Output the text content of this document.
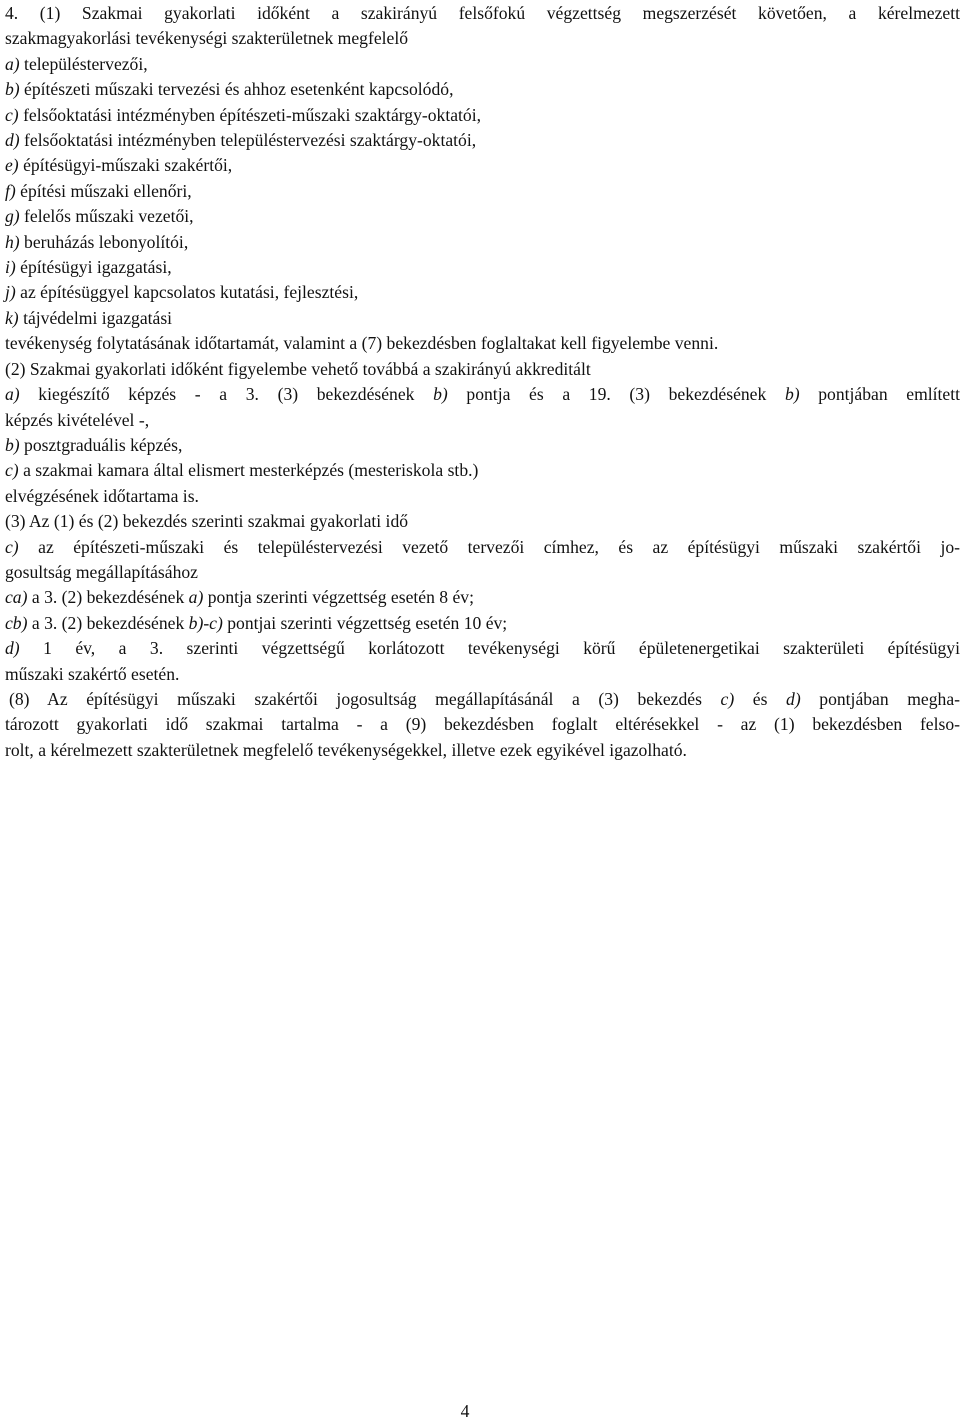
4. (1) Szakmai gyakorlati időként a szakirányú felsőfokú végzettség megszerzését követően, a kérelmezett
szakmagyakorlási tevékenységi szakterületnek megfelelő
a) településtervezői,
b) építészeti műszaki tervezési és ahhoz esetenként kapcsolódó,
c) felsőoktatási intézményben építészeti-műszaki szaktárgy-oktatói,
d) felsőoktatási intézményben településtervezési szaktárgy-oktatói,
e) építésügyi-műszaki szakértői,
f) építési műszaki ellenőri,
g) felelős műszaki vezetői,
h) beruházás lebonyolítói,
i) építésügyi igazgatási,
j) az építésüggyel kapcsolatos kutatási, fejlesztési,
k) tájvédelmi igazgatási
tevékenység folytatásának időtartamát, valamint a (7) bekezdésben foglaltakat kell figyelembe venni.
(2) Szakmai gyakorlati időként figyelembe vehető továbbá a szakirányú akkreditált
a) kiegészítő képzés - a 3. (3) bekezdésének b) pontja és a 19. (3) bekezdésének b) pontjában említett
képzés kivételével -,
b) posztgraduális képzés,
c) a szakmai kamara által elismert mesterképzés (mesteriskola stb.)
elvégzésének időtartama is.
(3) Az (1) és (2) bekezdés szerinti szakmai gyakorlati idő
c) az építészeti-műszaki és településtervezési vezető tervezői címhez, és az építésügyi műszaki szakértői jo-
gosultság megállapításához
ca) a 3. (2) bekezdésének a) pontja szerinti végzettség esetén 8 év;
cb) a 3. (2) bekezdésének b)-c) pontjai szerinti végzettség esetén 10 év;
d) 1 év, a 3. szerinti végzettségű korlátozott tevékenységi körű épületenergetikai szakterületi építésügyi
műszaki szakértő esetén.
(8) Az építésügyi műszaki szakértői jogosultság megállapításánál a (3) bekezdés c) és d) pontjában megha-
tározott gyakorlati idő szakmai tartalma - a (9) bekezdésben foglalt eltérésekkel - az (1) bekezdésben felso-
rolt, a kérelmezett szakterületnek megfelelő tevékenységekkel, illetve ezek egyikével igazolható.
4
